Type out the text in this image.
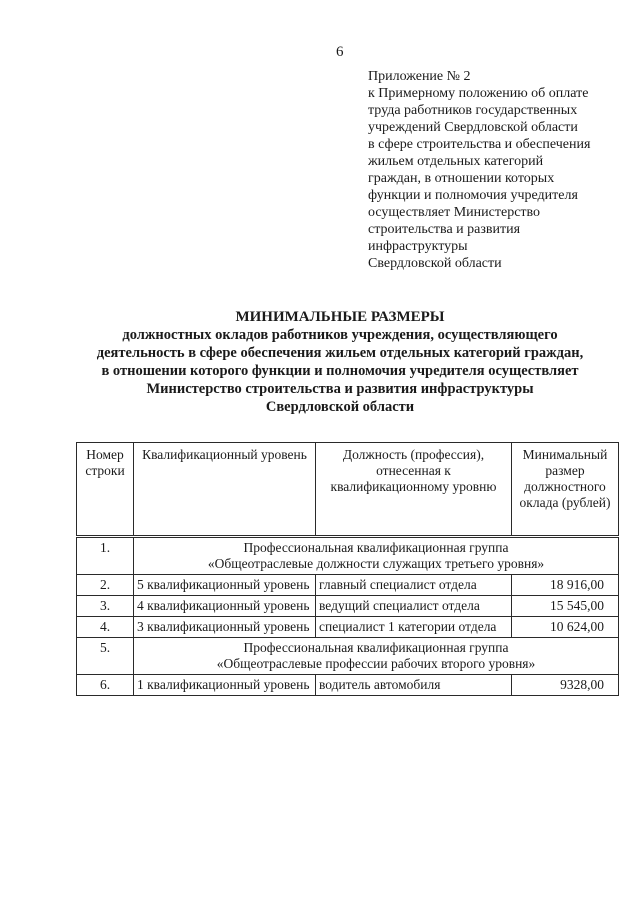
6
Приложение № 2
к Примерному положению об оплате
труда работников государственных
учреждений Свердловской области
в сфере строительства и обеспечения
жильем отдельных категорий
граждан, в отношении которых
функции и полномочия учредителя
осуществляет Министерство
строительства и развития
инфраструктуры
Свердловской области
МИНИМАЛЬНЫЕ РАЗМЕРЫ
должностных окладов работников учреждения, осуществляющего
деятельность в сфере обеспечения жильем отдельных категорий граждан,
в отношении которого функции и полномочия учредителя осуществляет
Министерство строительства и развития инфраструктуры
Свердловской области
Номер строки	Квалификационный уровень	Должность (профессия), отнесенная к квалификационному уровню	Минимальный размер должностного оклада (рублей)
1.	Профессиональная квалификационная группа
«Общеотраслевые должности служащих третьего уровня»		

2.	5 квалификационный уровень	главный специалист отдела	18 916,00
3.	4 квалификационный уровень	ведущий специалист отдела	15 545,00
4.	3 квалификационный уровень	специалист 1 категории отдела	10 624,00
5.	Профессиональная квалификационная группа
«Общеотраслевые профессии рабочих второго уровня»		

6.	1 квалификационный уровень	водитель автомобиля	9328,00
